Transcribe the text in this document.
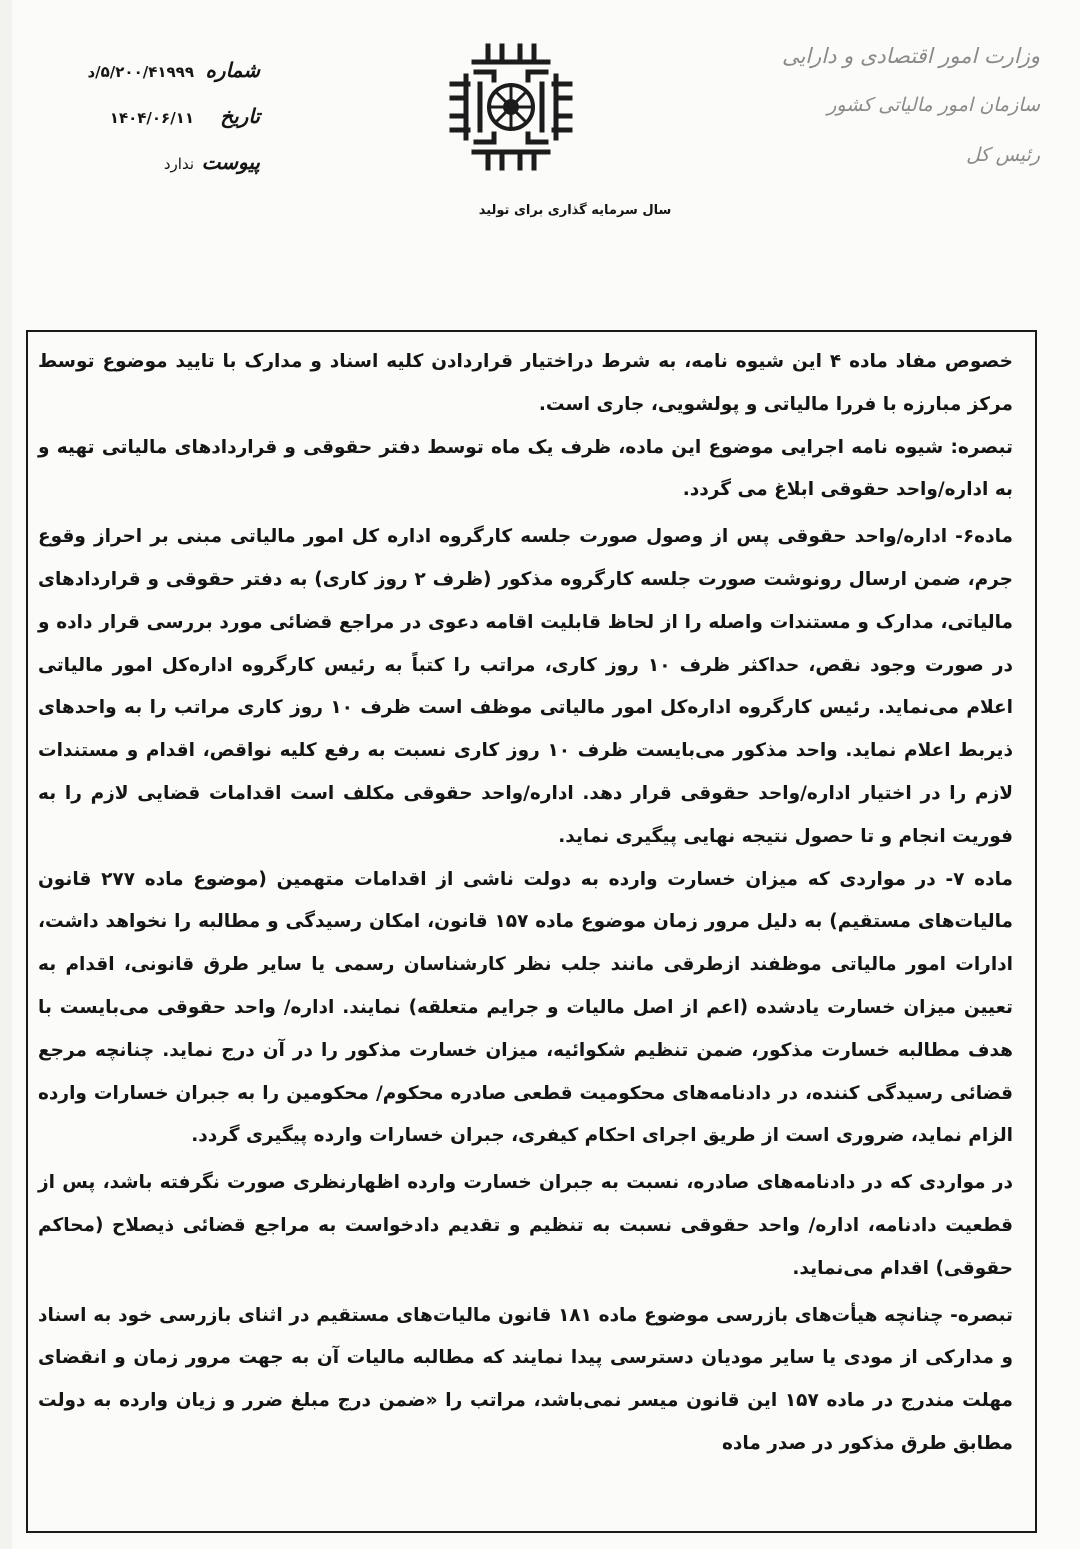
شماره
۵/۲۰۰/۴۱۹۹۹/د
تاریخ
۱۴۰۴/۰۶/۱۱
پیوست
ندارد
وزارت امور اقتصادی و دارایی
سازمان امور مالیاتی کشور
رئیس کل
سال سرمایه گذاری برای تولید

خصوص مفاد ماده ۴ این شیوه نامه، به شرط دراختیار قراردادن کلیه اسناد و مدارک با تایید موضوع توسط مرکز مبارزه با فررا مالیاتی و پولشویی، جاری است.

تبصره: شیوه نامه اجرایی موضوع این ماده، ظرف یک ماه توسط دفتر حقوقی و قراردادهای مالیاتی تهیه و به اداره/واحد حقوقی ابلاغ می گردد.

ماده۶- اداره/واحد حقوقی پس از وصول صورت جلسه کارگروه اداره کل امور مالیاتی مبنی بر احراز وقوع جرم، ضمن ارسال رونوشت صورت جلسه کارگروه مذکور (ظرف ۲ روز کاری) به دفتر حقوقی و قراردادهای مالیاتی، مدارک و مستندات واصله را از لحاظ قابلیت اقامه دعوی در مراجع قضائی مورد بررسی قرار داده و در صورت وجود نقص، حداکثر ظرف ۱۰ روز کاری، مراتب را کتباً به رئیس کارگروه اداره‌کل امور مالیاتی اعلام می‌نماید. رئیس کارگروه اداره‌کل امور مالیاتی موظف است ظرف ۱۰ روز کاری مراتب را به واحدهای ذیربط اعلام نماید. واحد مذکور می‌بایست ظرف ۱۰ روز کاری نسبت به رفع کلیه نواقص، اقدام و مستندات لازم را در اختیار اداره/واحد حقوقی قرار دهد. اداره/واحد حقوقی مکلف است اقدامات قضایی لازم را به فوریت انجام و تا حصول نتیجه نهایی پیگیری نماید.

ماده ۷- در مواردی که میزان خسارت وارده به دولت ناشی از اقدامات متهمین (موضوع ماده ۲۷۷ قانون مالیات‌های مستقیم) به دلیل مرور زمان موضوع ماده ۱۵۷ قانون، امکان رسیدگی و مطالبه را نخواهد داشت، ادارات امور مالیاتی موظفند ازطرقی مانند جلب نظر کارشناسان رسمی یا سایر طرق قانونی، اقدام به تعیین میزان خسارت یادشده (اعم از اصل مالیات و جرایم متعلقه) نمایند. اداره/ واحد حقوقی می‌بایست با هدف مطالبه خسارت مذکور، ضمن تنظیم شکوائیه، میزان خسارت مذکور را در آن درج نماید. چنانچه مرجع قضائی رسیدگی کننده، در دادنامه‌های محکومیت قطعی صادره محکوم/ محکومین را به جبران خسارات وارده الزام نماید، ضروری است از طریق اجرای احکام کیفری، جبران خسارات وارده پیگیری گردد.

در مواردی که در دادنامه‌های صادره، نسبت به جبران خسارت وارده اظهارنظری صورت نگرفته باشد، پس از قطعیت دادنامه، اداره/ واحد حقوقی نسبت به تنظیم و تقدیم دادخواست به مراجع قضائی ذیصلاح (محاکم حقوقی) اقدام می‌نماید.

تبصره- چنانچه هیأت‌های بازرسی موضوع ماده ۱۸۱ قانون مالیات‌های مستقیم در اثنای بازرسی خود به اسناد و مدارکی از مودی یا سایر مودیان دسترسی پیدا نمایند که مطالبه مالیات آن به جهت مرور زمان و انقضای مهلت مندرج در ماده ۱۵۷ این قانون میسر نمی‌باشد، مراتب را «ضمن درج مبلغ ضرر و زیان وارده به دولت مطابق طرق مذکور در صدر ماده
